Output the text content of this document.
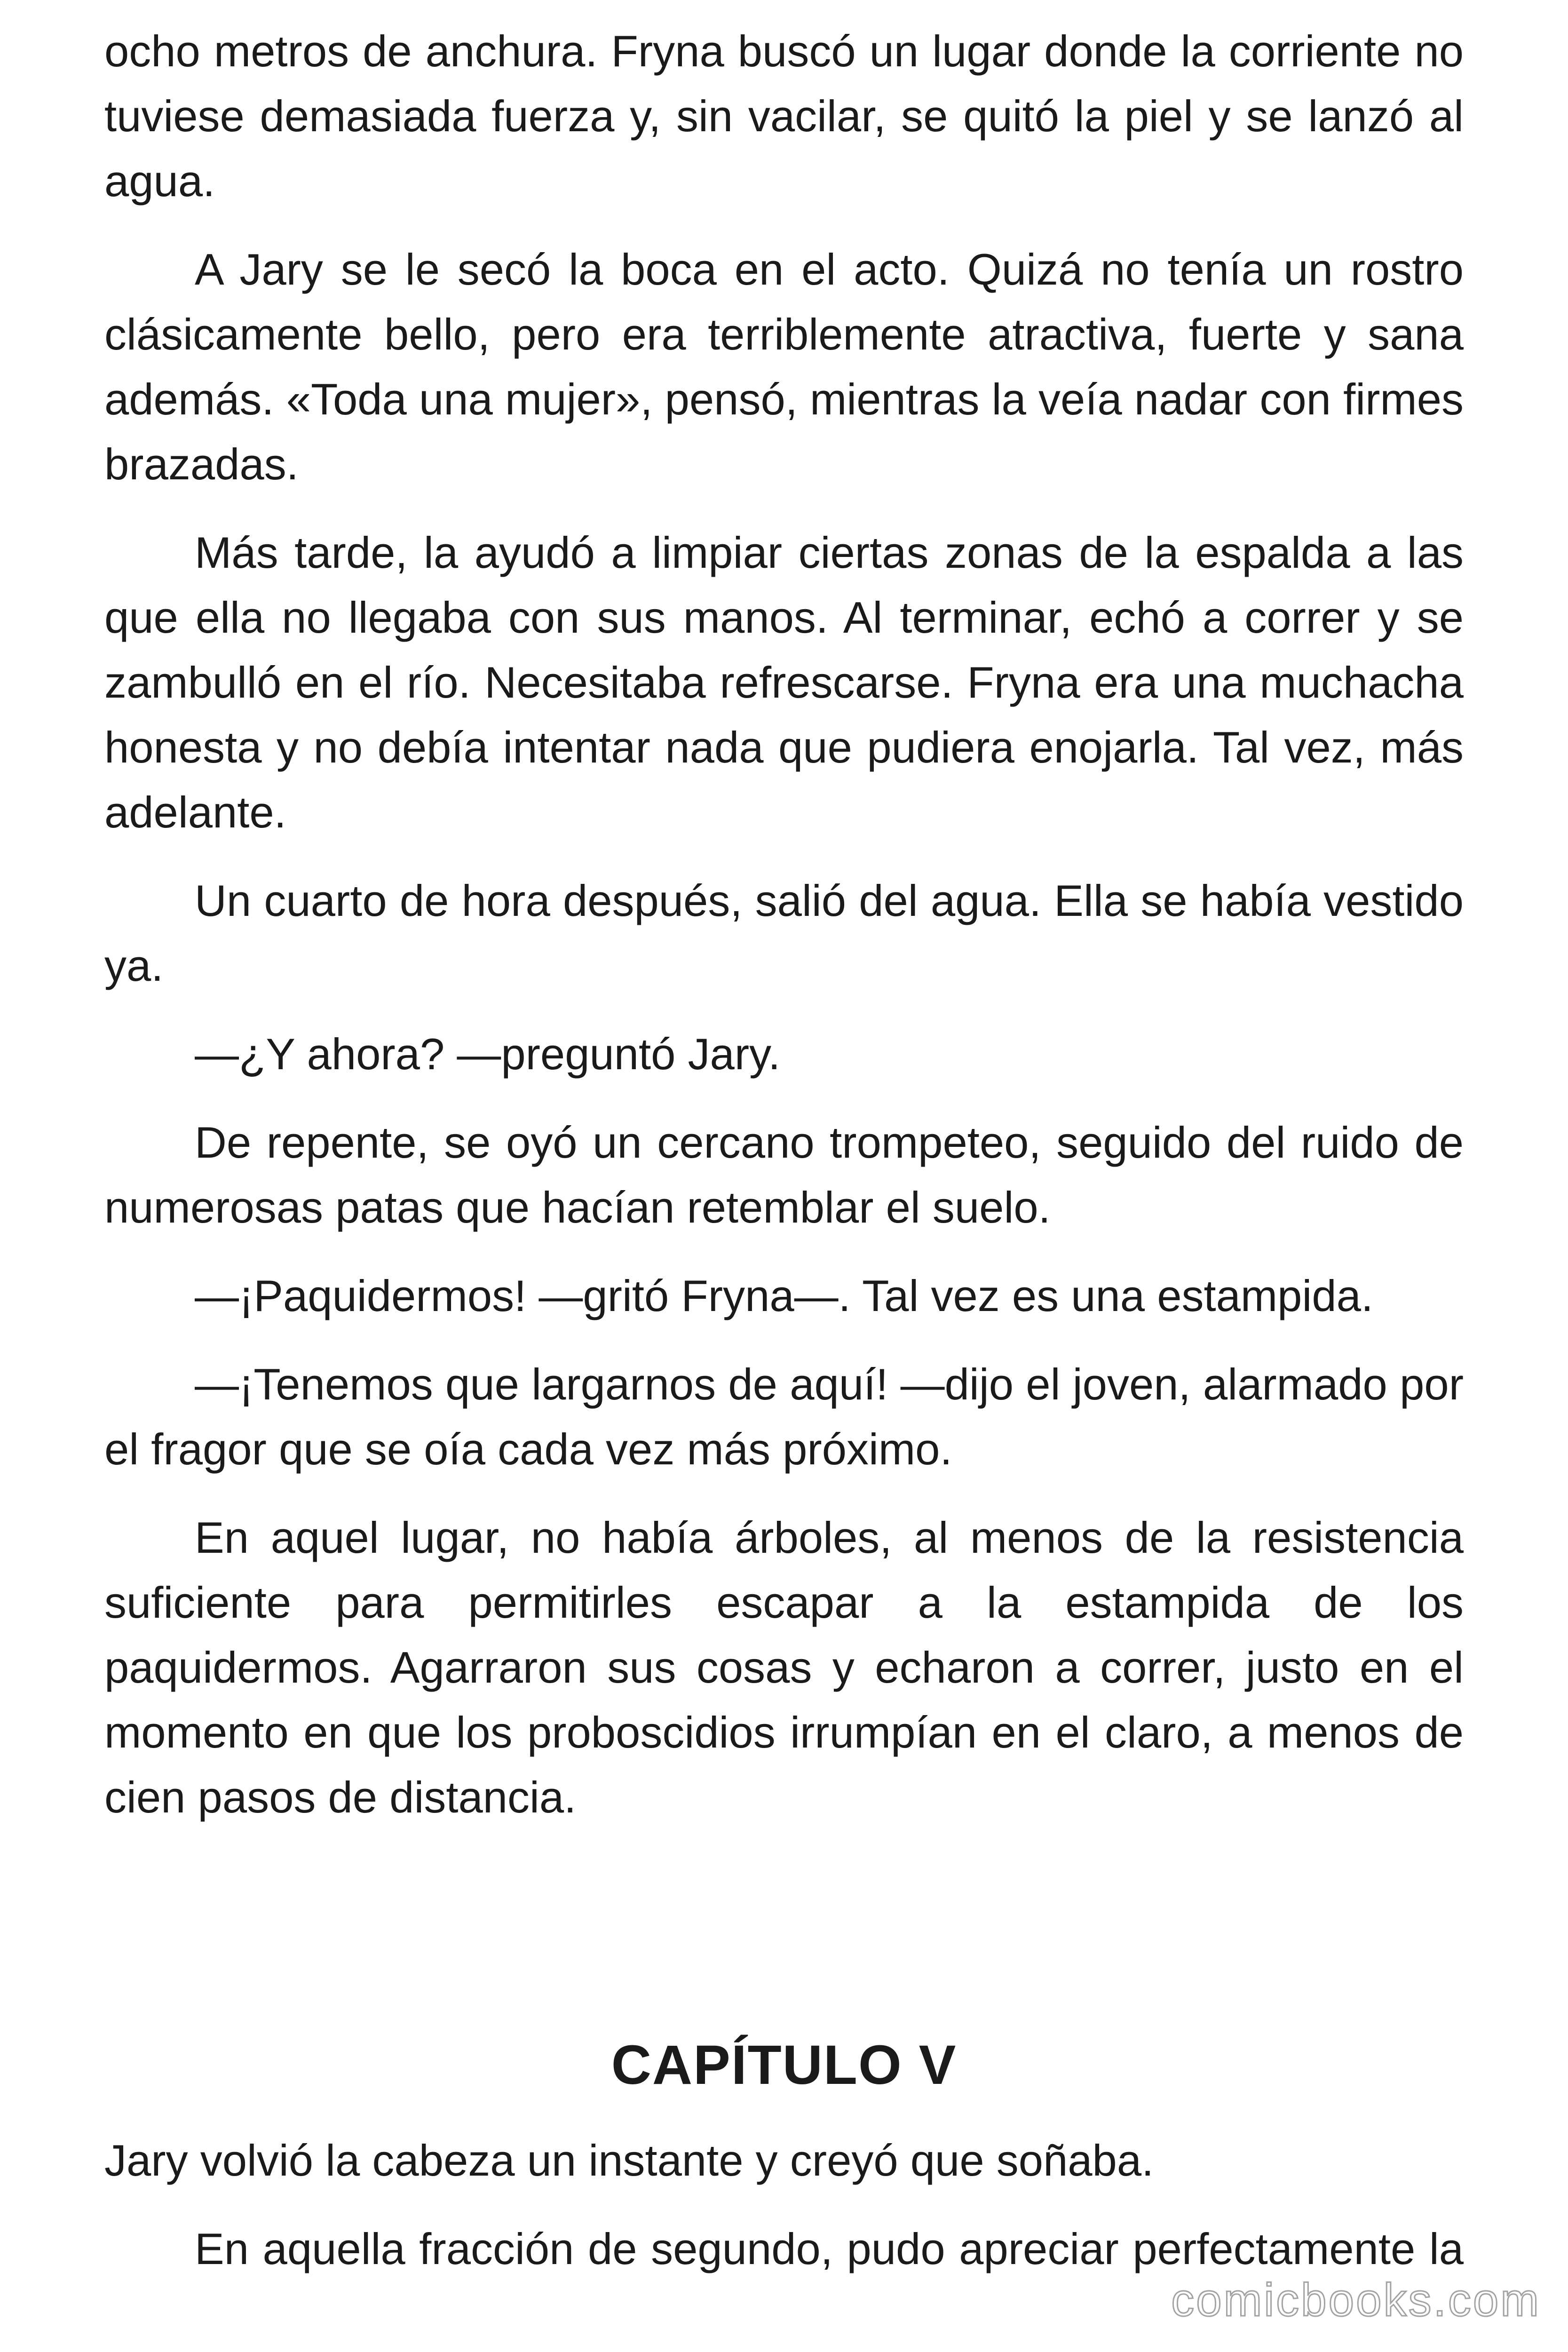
ocho metros de anchura. Fryna buscó un lugar donde la corriente no tuviese demasiada fuerza y, sin vacilar, se quitó la piel y se lanzó al agua.

A Jary se le secó la boca en el acto. Quizá no tenía un rostro clásicamente bello, pero era terriblemente atractiva, fuerte y sana además. «Toda una mujer», pensó, mientras la veía nadar con firmes brazadas.

Más tarde, la ayudó a limpiar ciertas zonas de la espalda a las que ella no llegaba con sus manos. Al terminar, echó a correr y se zambulló en el río. Necesitaba refrescarse. Fryna era una muchacha honesta y no debía intentar nada que pudiera enojarla. Tal vez, más adelante.

Un cuarto de hora después, salió del agua. Ella se había vestido ya.

—¿Y ahora? —preguntó Jary.

De repente, se oyó un cercano trompeteo, seguido del ruido de numerosas patas que hacían retemblar el suelo.

—¡Paquidermos! —gritó Fryna—. Tal vez es una estampida.

—¡Tenemos que largarnos de aquí! —dijo el joven, alarmado por el fragor que se oía cada vez más próximo.

En aquel lugar, no había árboles, al menos de la resistencia suficiente para permitirles escapar a la estampida de los paquidermos. Agarraron sus cosas y echaron a correr, justo en el momento en que los proboscidios irrumpían en el claro, a menos de cien pasos de distancia.

CAPÍTULO V

Jary volvió la cabeza un instante y creyó que soñaba.

En aquella fracción de segundo, pudo apreciar perfectamente la

comicbooks.com
